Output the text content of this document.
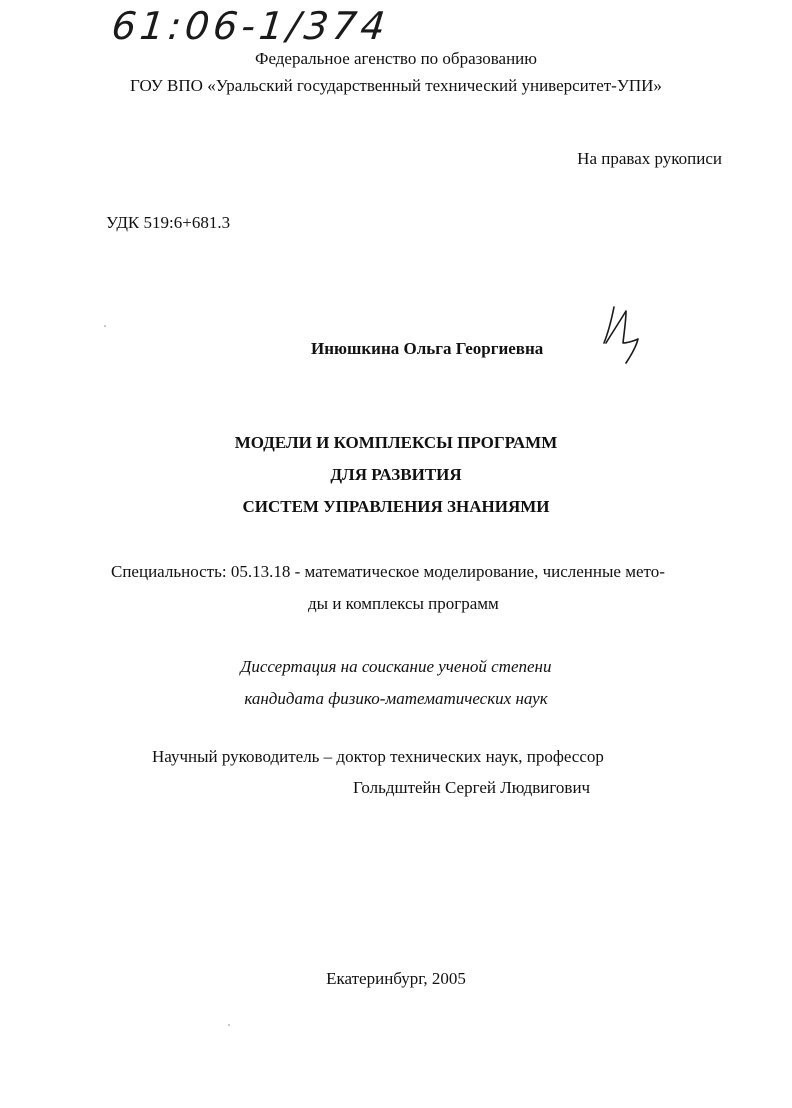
61:06-1/374
Федеральное агенство по образованию
ГОУ ВПО «Уральский государственный технический университет-УПИ»
На правах рукописи
УДК 519:6+681.3
Инюшкина Ольга Георгиевна
МОДЕЛИ И КОМПЛЕКСЫ ПРОГРАММ
ДЛЯ РАЗВИТИЯ
СИСТЕМ УПРАВЛЕНИЯ ЗНАНИЯМИ
Специальность: 05.13.18 - математическое моделирование, численные мето-
ды и комплексы программ
Диссертация на соискание ученой степени
кандидата физико-математических наук
Научный руководитель – доктор технических наук, профессор
Гольдштейн Сергей Людвигович
Екатеринбург, 2005
